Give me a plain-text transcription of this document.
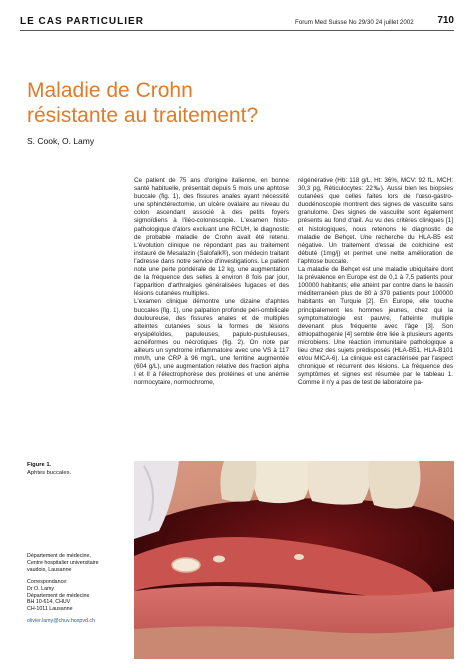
LE CAS PARTICULIER	Forum Med Suisse No 29/30 24 juillet 2002 710
Maladie de Crohn
résistante au traitement?
S. Cook, O. Lamy

Ce patient de 75 ans d'origine italienne, en bonne santé habituelle, présentait depuis 5 mois une aphtose buccale (fig. 1), des fissures anales ayant nécessité une sphinctérectomie, un ulcère ovalaire au niveau du colon ascendant associé à des petits foyers sigmoïdiens à l'iléo-colonoscopie. L'examen histo-pathologique d'alors excluant une RCUH, le diagnostic de probable maladie de Crohn avait été retenu. L'évolution clinique ne répondant pas au traitement instauré de Mesalazin (Salofalk®), son médecin traitant l'adresse dans notre service d'investigations. Le patient note une perte pondérale de 12 kg, une augmentation de la fréquence des selles à environ 8 fois par jour, l'apparition d'arthralgies généralisées fugaces et des lésions cutanées multiples.

L'examen clinique démontre une dizaine d'aphtes buccales (fig. 1), une palpation profonde péri-ombilicale douloureuse, des fissures anales et de multiples atteintes cutanées sous la formes de lésions erysipéloïdes, papuleuses, papulo-pustuleuses, acnéiformes ou nécrotiques (fig. 2). On note par ailleurs un syndrome inflammatoire avec une VS à 117 mm/h, une CRP à 96 mg/L, une ferritine augmentée (604 g/L), une augmentation relative des fraction alpha I et II à l'électrophorèse des protéines et une anémie normocytaire, normochrome,

régénérative (Hb: 118 g/L, Ht: 36%, MCV: 92 fL, MCH: 30,3 pg, Réticulocytes: 22‰). Aussi bien les biopsies cutanées que celles faites lors de l'œso-gastro-duodénoscopie montrent des signes de vasculite sans granulome. Des signes de vasculite sont également présents au fond d'œil. Au vu des critères cliniques [1] et histologiques, nous retenons le diagnostic de maladie de Behçet. Une recherche du HLA-B5 est négative. Un traitement d'essai de colchicine est débuté (1mg/j) et permet une nette amélioration de l'aphtose buccale.

La maladie de Behçet est une maladie ubiquitaire dont la prévalence en Europe est de 0,1 à 7,5 patients pour 100000 habitants; elle atteint par contre dans le bassin méditerranéen plus de 80 à 370 patients pour 100000 habitants en Turquie [2]. En Europe, elle touche principalement les hommes jeunes, chez qui la symptomatologie est pauvre, l'atteinte multiple devenant plus fréquente avec l'âge [3]. Son éthiopathogénie [4] semble être liée à plusieurs agents microbiens. Une réaction immunitaire pathologique a lieu chez des sujets prédisposés (HLA-B51, HLA-B101 et/ou MICA-6). La clinique est caractérisée par l'aspect chronique et récurrent des lésions. La fréquence des symptômes et signes est résumée par le tableau 1. Comme il n'y a pas de test de laboratoire pa-

Figure 1.
Aphtes buccales.
Département de médecine,
Centre hospitalier universitaire
vaudois, Lausanne
Correspondance:
Dr O. Lamy
Département de médecine
BH 10-614, CHUV
CH-1011 Lausanne
olivier.lamy@chuv.hospvd.ch
